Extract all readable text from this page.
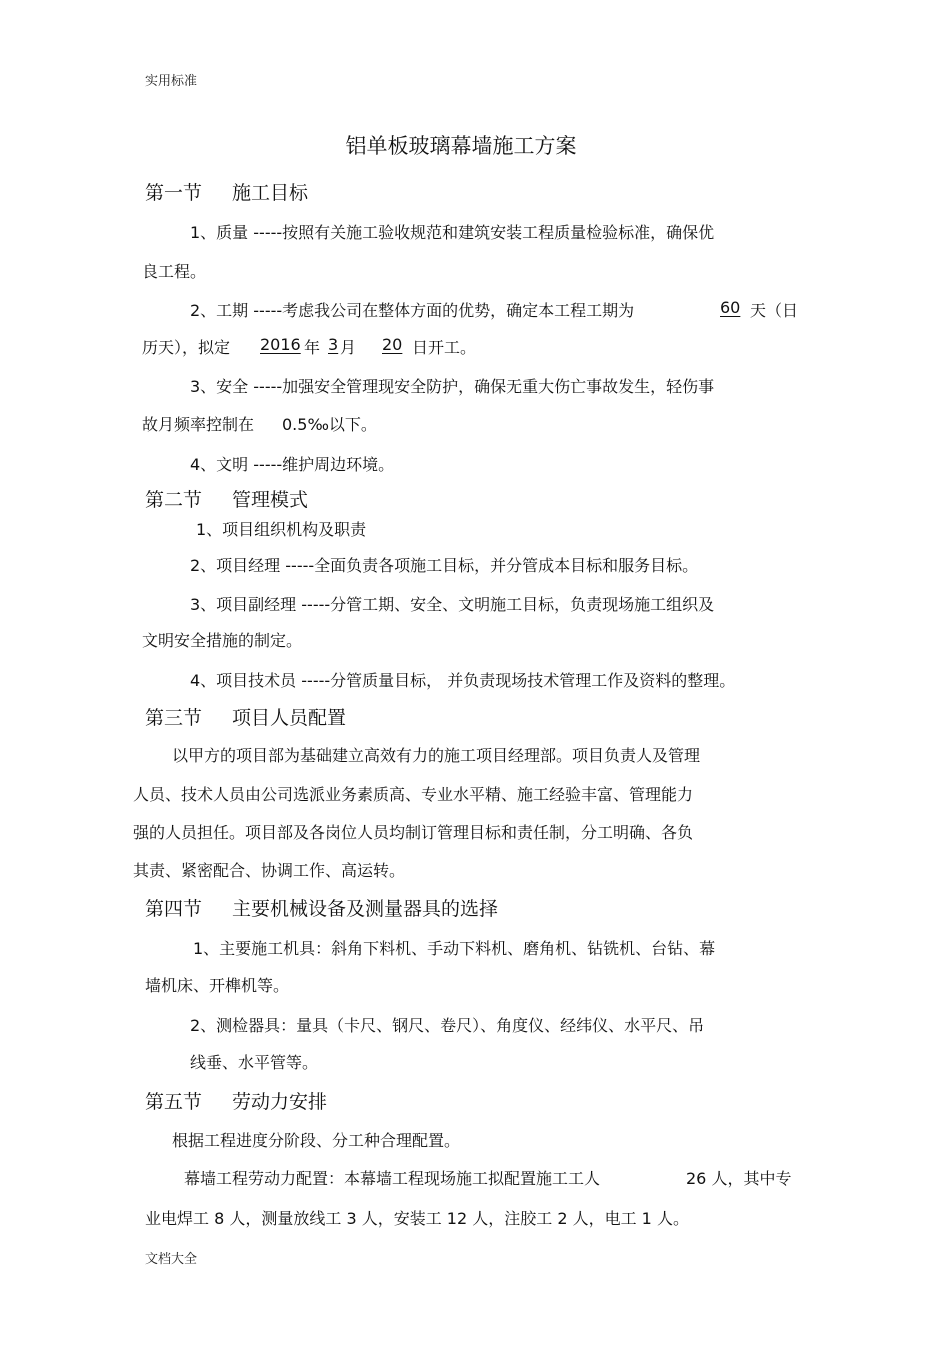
实用标准
文档大全
铝单板玻璃幕墙施工方案
第一节 施工目标
1、质量 -----按照有关施工验收规范和建筑安装工程质量检验标准，确保优
良工程。
2、工期 -----考虑我公司在整体方面的优势，确定本工程工期为	60 天（日
历天），拟定 2016 年 3 月 20 日开工。
3、安全 -----加强安全管理现安全防护，确保无重大伤亡事故发生，轻伤事
故月频率控制在 0.5‰以下。
4、文明 -----维护周边环境。
第二节 管理模式
1、项目组织机构及职责
2、项目经理 -----全面负责各项施工目标，并分管成本目标和服务目标。
3、项目副经理 -----分管工期、安全、文明施工目标，负责现场施工组织及
文明安全措施的制定。
4、项目技术员 -----分管质量目标， 并负责现场技术管理工作及资料的整理。
第三节 项目人员配置
以甲方的项目部为基础建立高效有力的施工项目经理部。项目负责人及管理
人员、技术人员由公司选派业务素质高、专业水平精、施工经验丰富、管理能力
强的人员担任。项目部及各岗位人员均制订管理目标和责任制，分工明确、各负
其责、紧密配合、协调工作、高运转。
第四节 主要机械设备及测量器具的选择
1、主要施工机具：斜角下料机、手动下料机、磨角机、钻铣机、台钻、幕
墙机床、开榫机等。
2、测检器具：量具（卡尺、钢尺、卷尺）、角度仪、经纬仪、水平尺、吊
线垂、水平管等。
第五节 劳动力安排
根据工程进度分阶段、分工种合理配置。
幕墙工程劳动力配置：本幕墙工程现场施工拟配置施工工人	26 人，其中专
业电焊工 8 人，测量放线工 3 人，安装工 12 人，注胶工 2 人，电工 1 人。
